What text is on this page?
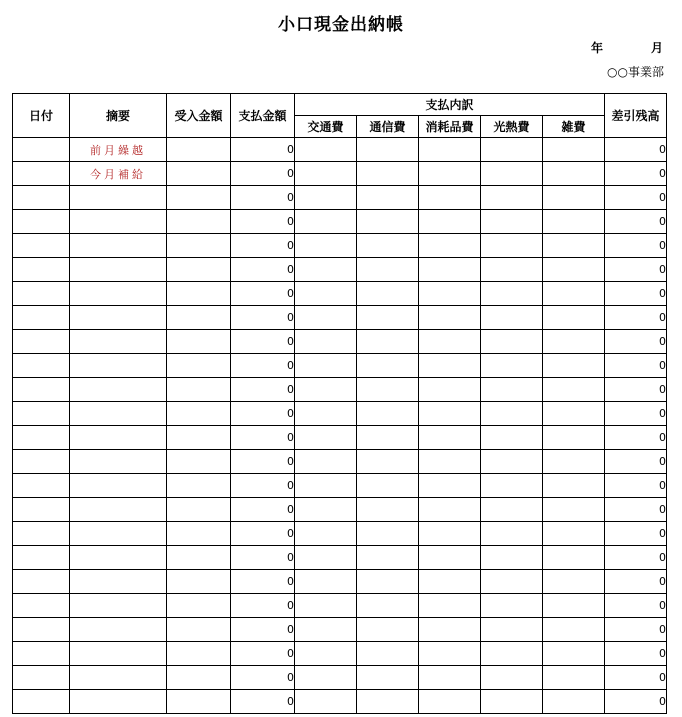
小口現金出納帳
年	月
○○事業部
日付	摘要	受入金額	支払金額	支払内訳					差引残高
				交通費	通信費	消耗品費	光熱費	雑費	
	前月繰越		0						0
	今月補給		0						0
			0						0
			0						0
			0						0
			0						0
			0						0
			0						0
			0						0
			0						0
			0						0
			0						0
			0						0
			0						0
			0						0
			0						0
			0						0
			0						0
			0						0
			0						0
			0						0
			0						0
			0						0
			0						0
